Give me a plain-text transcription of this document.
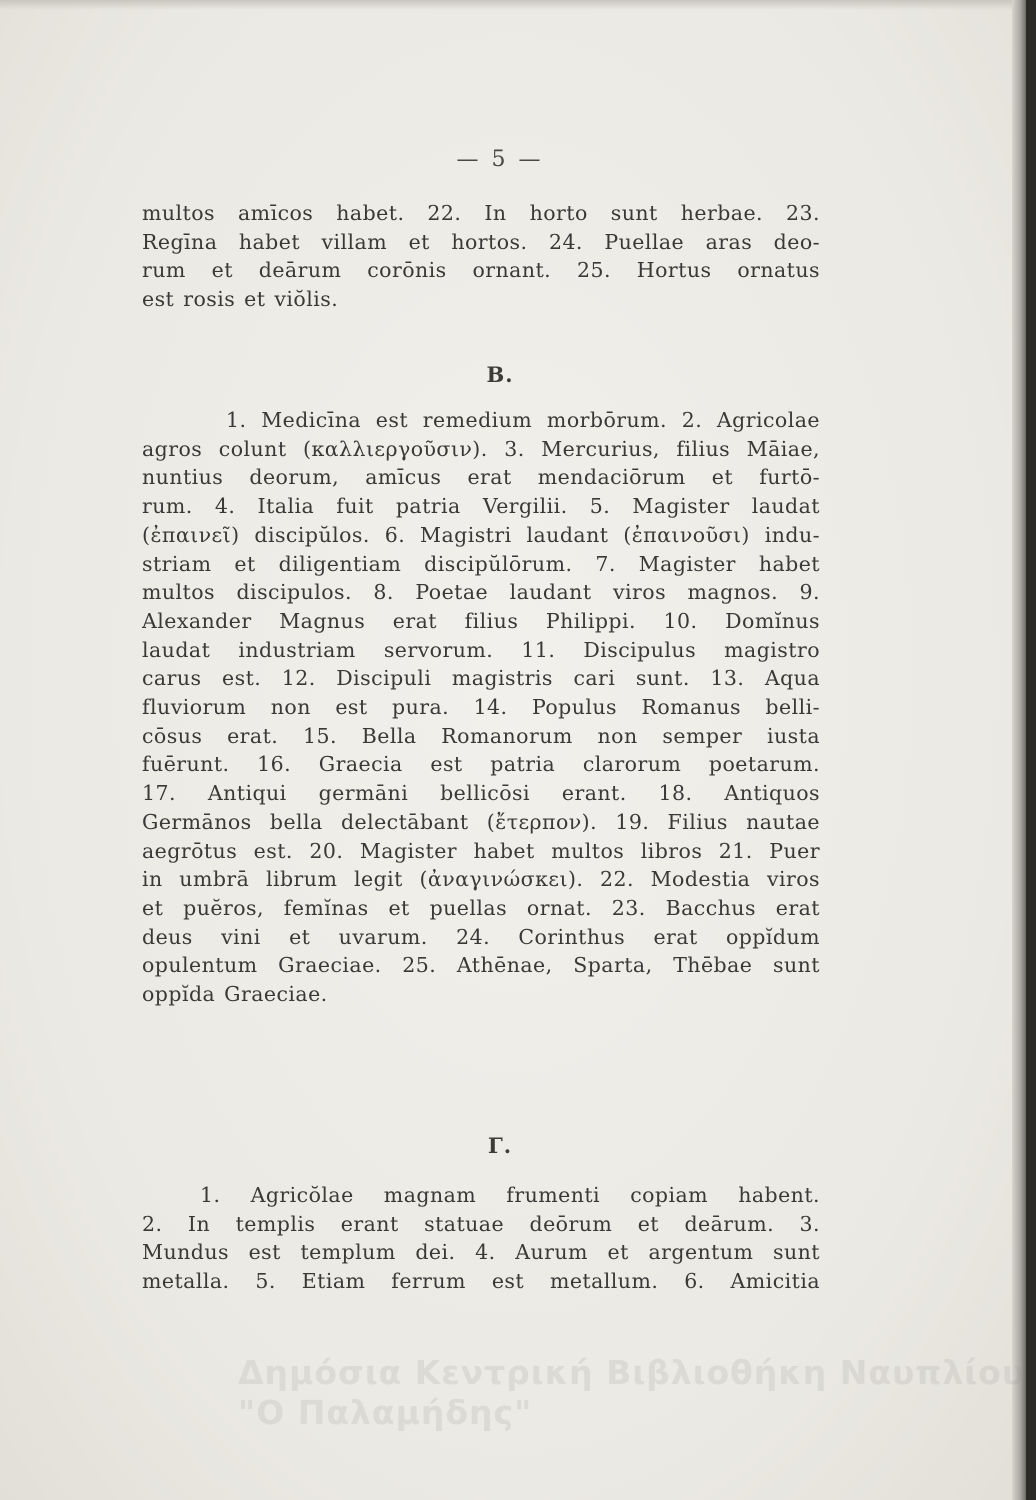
— 5 —
multos amīcos habet. 22. In horto sunt herbae. 23.
Regīna habet villam et hortos. 24. Puellae aras deo-
rum et deārum corōnis ornant. 25. Hortus ornatus
est rosis et viŏlis.
B.
1. Medicīna est remedium morbōrum. 2. Agricolae
agros colunt (καλλιεργοῦσιν). 3. Mercurius, filius Māiae,
nuntius deorum, amīcus erat mendaciōrum et furtō-
rum. 4. Italia fuit patria Vergilii. 5. Magister laudat
(ἐπαινεῖ) discipŭlos. 6. Magistri laudant (ἐπαινοῦσι) indu-
striam et diligentiam discipŭlōrum. 7. Magister habet
multos discipulos. 8. Poetae laudant viros magnos. 9.
Alexander Magnus erat filius Philippi. 10. Domĭnus
laudat industriam servorum. 11. Discipulus magistro
carus est. 12. Discipuli magistris cari sunt. 13. Aqua
fluviorum non est pura. 14. Populus Romanus belli-
cōsus erat. 15. Bella Romanorum non semper iusta
fuērunt. 16. Graecia est patria clarorum poetarum.
17. Antiqui germāni bellicōsi erant. 18. Antiquos
Germānos bella delectābant (ἔτερπον). 19. Filius nautae
aegrōtus est. 20. Magister habet multos libros 21. Puer
in umbrā librum legit (ἀναγινώσκει). 22. Modestia viros
et puĕros, femĭnas et puellas ornat. 23. Bacchus erat
deus vini et uvarum. 24. Corinthus erat oppĭdum
opulentum Graeciae. 25. Athēnae, Sparta, Thēbae sunt
oppĭda Graeciae.
Γ.
1. Agricŏlae magnam frumenti copiam habent.
2. In templis erant statuae deōrum et deārum. 3.
Mundus est templum dei. 4. Aurum et argentum sunt
metalla. 5. Etiam ferrum est metallum. 6. Amicitia
Δημόσια Κεντρική Βιβλιοθήκη Ναυπλίου
"Ο Παλαμήδης"
